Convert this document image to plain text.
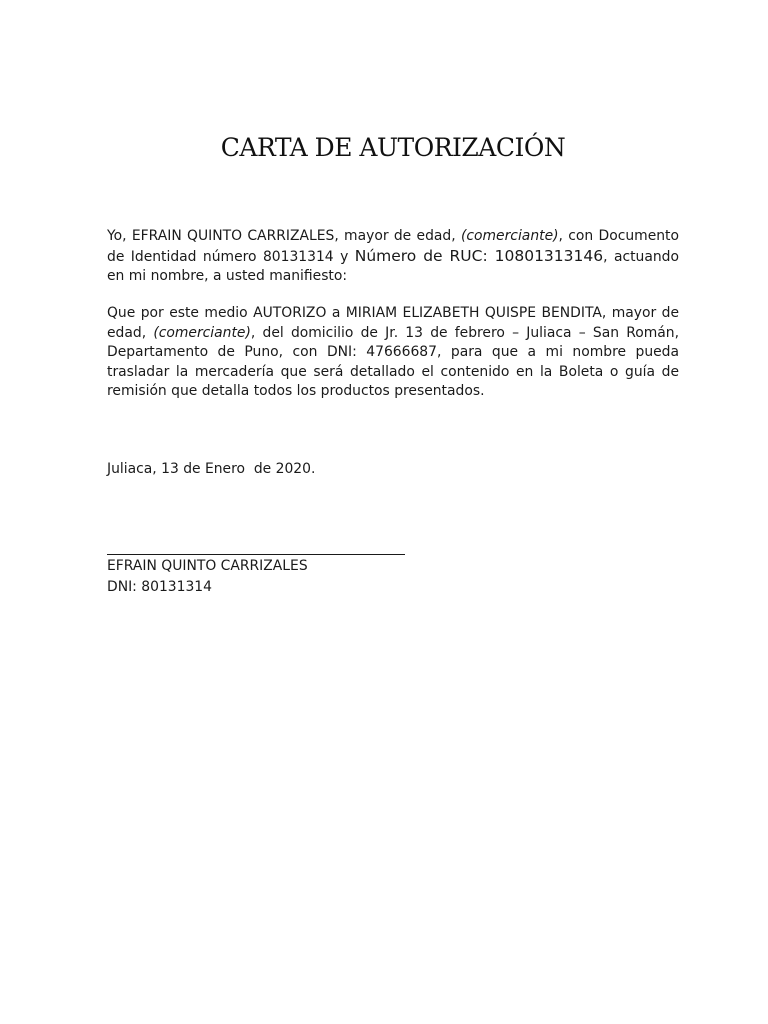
CARTA DE AUTORIZACIÓN

Yo, EFRAIN QUINTO CARRIZALES, mayor de edad, (comerciante), con Documento de Identidad número 80131314 y Número de RUC: 10801313146, actuando en mi nombre, a usted manifiesto:

Que por este medio AUTORIZO a MIRIAM ELIZABETH QUISPE BENDITA, mayor de edad, (comerciante), del domicilio de Jr. 13 de febrero – Juliaca – San Román, Departamento de Puno, con DNI: 47666687, para que a mi nombre pueda trasladar la mercadería que será detallado el contenido en la Boleta o guía de remisión que detalla todos los productos presentados.

Juliaca, 13 de Enero  de 2020.

EFRAIN QUINTO CARRIZALES

DNI: 80131314
